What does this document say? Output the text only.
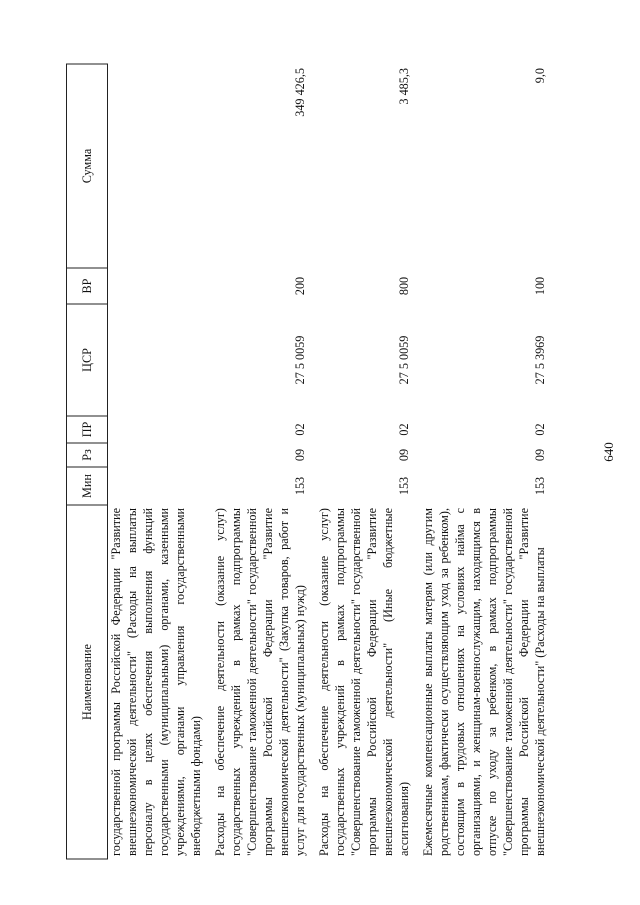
640
Наименование	Мин	Рз	ПР	ЦСР	ВР	Сумма
государственной программы Российской Федерации "Развитие внешнеэкономической деятельности" (Расходы на выплаты персоналу в целях обеспечения выполнения функций государственными (муниципальными) органами, казенными учреждениями, органами управления государственными внебюджетными фондами)						

Расходы на обеспечение деятельности (оказание услуг) государственных учреждений в рамках подпрограммы "Совершенствование таможенной деятельности" государственной программы Российской Федерации "Развитие внешнеэкономической деятельности" (Закупка товаров, работ и услуг для государственных (муниципальных) нужд)	153	09	02	27 5 0059	200	349 426,5

Расходы на обеспечение деятельности (оказание услуг) государственных учреждений в рамках подпрограммы "Совершенствование таможенной деятельности" государственной программы Российской Федерации "Развитие внешнеэкономической деятельности" (Иные бюджетные ассигнования)	153	09	02	27 5 0059	800	3 485,3

Ежемесячные компенсационные выплаты матерям (или другим родственникам, фактически осуществляющим уход за ребенком), состоящим в трудовых отношениях на условиях найма с организациями, и женщинам-военнослужащим, находящимся в отпуске по уходу за ребенком, в рамках подпрограммы "Совершенствование таможенной деятельности" государственной программы Российской Федерации "Развитие внешнеэкономической деятельности" (Расходы на выплаты	153	09	02	27 5 3969	100	9,0
